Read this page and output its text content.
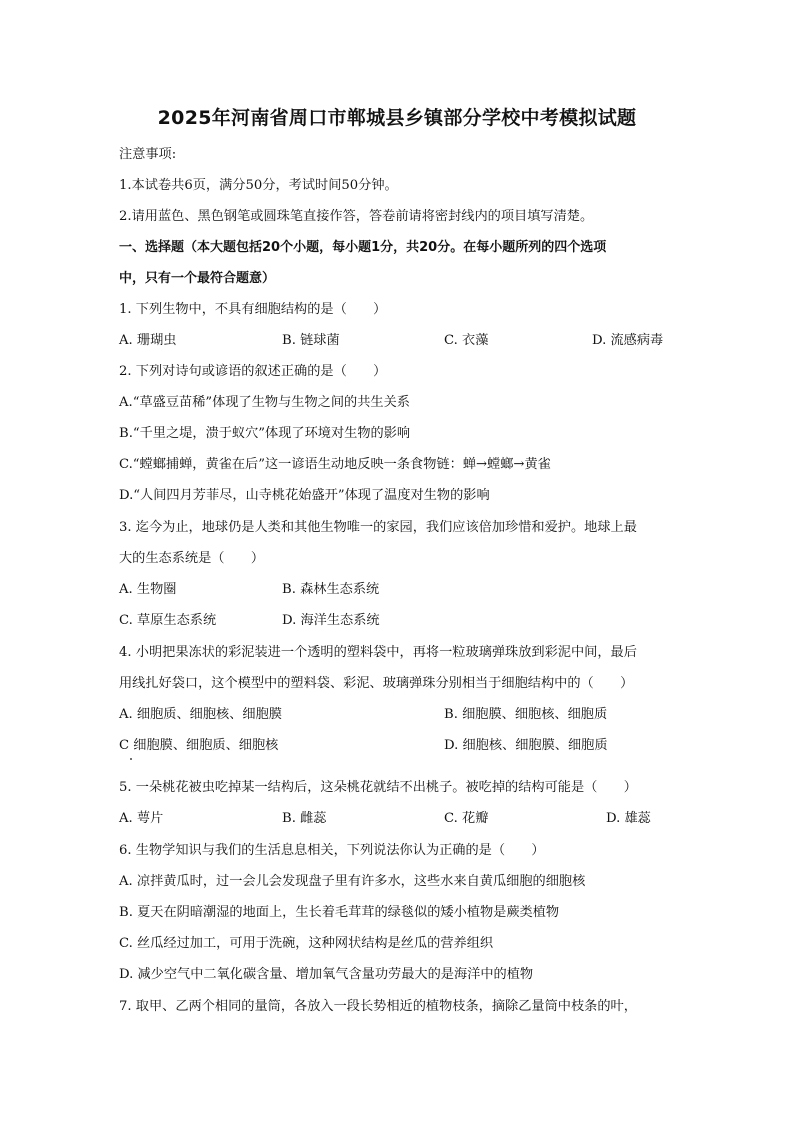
2025年河南省周口市郸城县乡镇部分学校中考模拟试题
注意事项:
1.本试卷共6页，满分50分，考试时间50分钟。
2.请用蓝色、黑色钢笔或圆珠笔直接作答，答卷前请将密封线内的项目填写清楚。
一、选择题（本大题包括20个小题，每小题1分，共20分。在每小题所列的四个选项
中，只有一个最符合题意）
1. 下列生物中，不具有细胞结构的是（　　）
A. 珊瑚虫	B. 链球菌	C. 衣藻	D. 流感病毒
2. 下列对诗句或谚语的叙述正确的是（　　）
A.“草盛豆苗稀”体现了生物与生物之间的共生关系
B.“千里之堤，溃于蚁穴”体现了环境对生物的影响
C.“螳螂捕蝉，黄雀在后”这一谚语生动地反映一条食物链：蝉→螳螂→黄雀
D.“人间四月芳菲尽，山寺桃花始盛开”体现了温度对生物的影响
3. 迄今为止，地球仍是人类和其他生物唯一的家园，我们应该倍加珍惜和爱护。地球上最
大的生态系统是（　　）
A. 生物圈	B. 森林生态系统
C. 草原生态系统	D. 海洋生态系统
4. 小明把果冻状的彩泥装进一个透明的塑料袋中，再将一粒玻璃弹珠放到彩泥中间，最后
用线扎好袋口，这个模型中的塑料袋、彩泥、玻璃弹珠分别相当于细胞结构中的（　　）
A. 细胞质、细胞核、细胞膜	B. 细胞膜、细胞核、细胞质
C 细胞膜、细胞质、细胞核	D. 细胞核、细胞膜、细胞质
5. 一朵桃花被虫吃掉某一结构后，这朵桃花就结不出桃子。被吃掉的结构可能是（　　）
A. 萼片	B. 雌蕊	C. 花瓣	D. 雄蕊
6. 生物学知识与我们的生活息息相关，下列说法你认为正确的是（　　）
A. 凉拌黄瓜时，过一会儿会发现盘子里有许多水，这些水来自黄瓜细胞的细胞核
B. 夏天在阴暗潮湿的地面上，生长着毛茸茸的绿毯似的矮小植物是蕨类植物
C. 丝瓜经过加工，可用于洗碗，这种网状结构是丝瓜的营养组织
D. 减少空气中二氧化碳含量、增加氧气含量功劳最大的是海洋中的植物
7. 取甲、乙两个相同的量筒，各放入一段长势相近的植物枝条，摘除乙量筒中枝条的叶，
